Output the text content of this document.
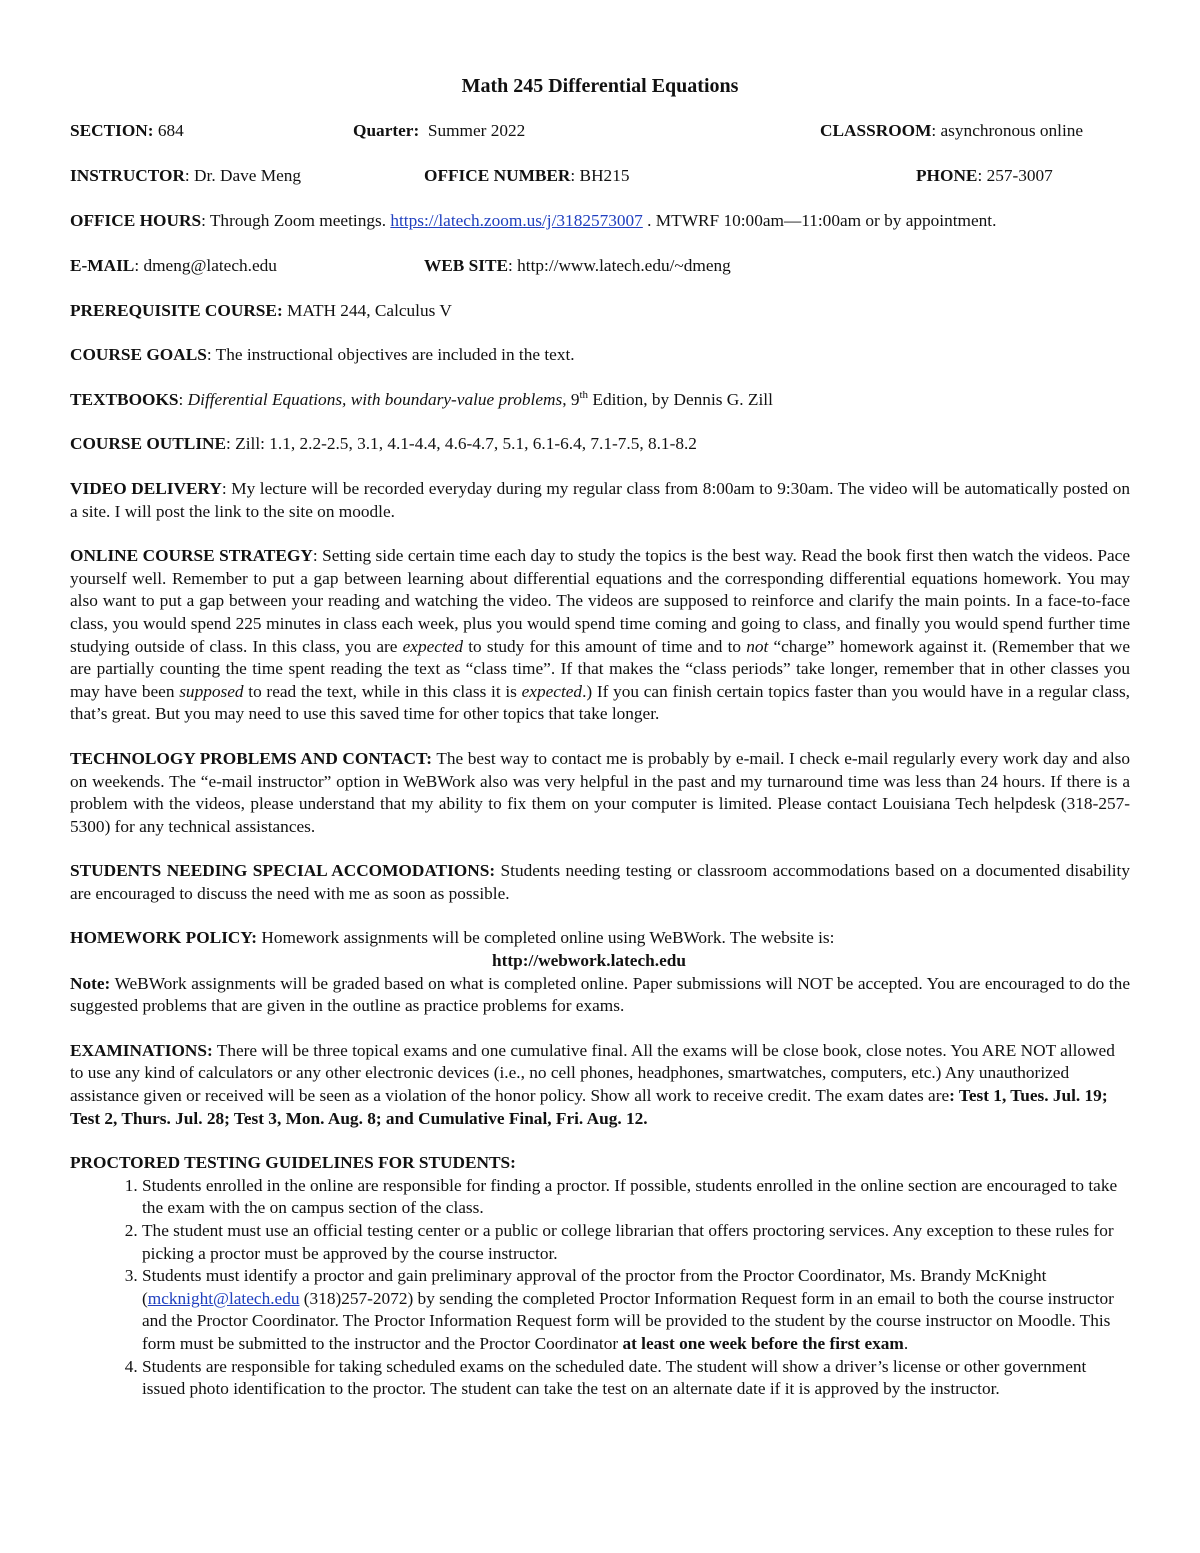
Math 245 Differential Equations
SECTION: 684	Quarter: Summer 2022	CLASSROOM: asynchronous online
INSTRUCTOR: Dr. Dave Meng	OFFICE NUMBER: BH215	PHONE: 257-3007
OFFICE HOURS: Through Zoom meetings. https://latech.zoom.us/j/3182573007 . MTWRF 10:00am—11:00am or by appointment.
E-MAIL: dmeng@latech.edu	WEB SITE: http://www.latech.edu/~dmeng
PREREQUISITE COURSE: MATH 244, Calculus V
COURSE GOALS: The instructional objectives are included in the text.
TEXTBOOKS: Differential Equations, with boundary-value problems, 9th Edition, by Dennis G. Zill
COURSE OUTLINE: Zill: 1.1, 2.2-2.5, 3.1, 4.1-4.4, 4.6-4.7, 5.1, 6.1-6.4, 7.1-7.5, 8.1-8.2
VIDEO DELIVERY: My lecture will be recorded everyday during my regular class from 8:00am to 9:30am. The video will be automatically posted on a site. I will post the link to the site on moodle.
ONLINE COURSE STRATEGY: Setting side certain time each day to study the topics is the best way. Read the book first then watch the videos. Pace yourself well. Remember to put a gap between learning about differential equations and the corresponding differential equations homework. You may also want to put a gap between your reading and watching the video. The videos are supposed to reinforce and clarify the main points. In a face-to-face class, you would spend 225 minutes in class each week, plus you would spend time coming and going to class, and finally you would spend further time studying outside of class. In this class, you are expected to study for this amount of time and to not “charge” homework against it. (Remember that we are partially counting the time spent reading the text as “class time”. If that makes the “class periods” take longer, remember that in other classes you may have been supposed to read the text, while in this class it is expected.) If you can finish certain topics faster than you would have in a regular class, that’s great. But you may need to use this saved time for other topics that take longer.
TECHNOLOGY PROBLEMS AND CONTACT: The best way to contact me is probably by e-mail. I check e-mail regularly every work day and also on weekends. The “e-mail instructor” option in WeBWork also was very helpful in the past and my turnaround time was less than 24 hours. If there is a problem with the videos, please understand that my ability to fix them on your computer is limited. Please contact Louisiana Tech helpdesk (318-257-5300) for any technical assistances.
STUDENTS NEEDING SPECIAL ACCOMODATIONS: Students needing testing or classroom accommodations based on a documented disability are encouraged to discuss the need with me as soon as possible.
HOMEWORK POLICY: Homework assignments will be completed online using WeBWork. The website is:
http://webwork.latech.edu
Note: WeBWork assignments will be graded based on what is completed online. Paper submissions will NOT be accepted. You are encouraged to do the suggested problems that are given in the outline as practice problems for exams.
EXAMINATIONS: There will be three topical exams and one cumulative final. All the exams will be close book, close notes. You ARE NOT allowed to use any kind of calculators or any other electronic devices (i.e., no cell phones, headphones, smartwatches, computers, etc.) Any unauthorized assistance given or received will be seen as a violation of the honor policy. Show all work to receive credit. The exam dates are: Test 1, Tues. Jul. 19; Test 2, Thurs. Jul. 28; Test 3, Mon. Aug. 8; and Cumulative Final, Fri. Aug. 12.
PROCTORED TESTING GUIDELINES FOR STUDENTS:
1. Students enrolled in the online are responsible for finding a proctor. If possible, students enrolled in the online section are encouraged to take the exam with the on campus section of the class.
2. The student must use an official testing center or a public or college librarian that offers proctoring services. Any exception to these rules for picking a proctor must be approved by the course instructor.
3. Students must identify a proctor and gain preliminary approval of the proctor from the Proctor Coordinator, Ms. Brandy McKnight (mcknight@latech.edu (318)257-2072) by sending the completed Proctor Information Request form in an email to both the course instructor and the Proctor Coordinator. The Proctor Information Request form will be provided to the student by the course instructor on Moodle. This form must be submitted to the instructor and the Proctor Coordinator at least one week before the first exam.
4. Students are responsible for taking scheduled exams on the scheduled date. The student will show a driver’s license or other government issued photo identification to the proctor. The student can take the test on an alternate date if it is approved by the instructor.
